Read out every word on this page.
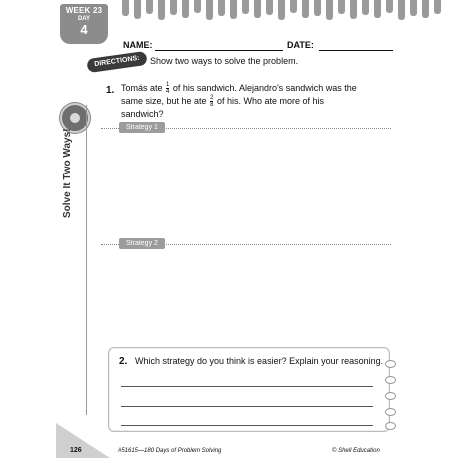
WEEK 23
DAY
4
Solve It Two Ways!
NAME:	DATE:
DIRECTIONS:	Show two ways to solve the problem.
1. Tomás ate $\frac{1}{4}$ of his sandwich. Alejandro's sandwich was the same size, but he ate $\frac{2}{8}$ of his. Who ate more of his sandwich?
Strategy 1
Strategy 2
2. Which strategy do you think is easier? Explain your reasoning.
126	#51615—180 Days of Problem Solving	© Shell Education
